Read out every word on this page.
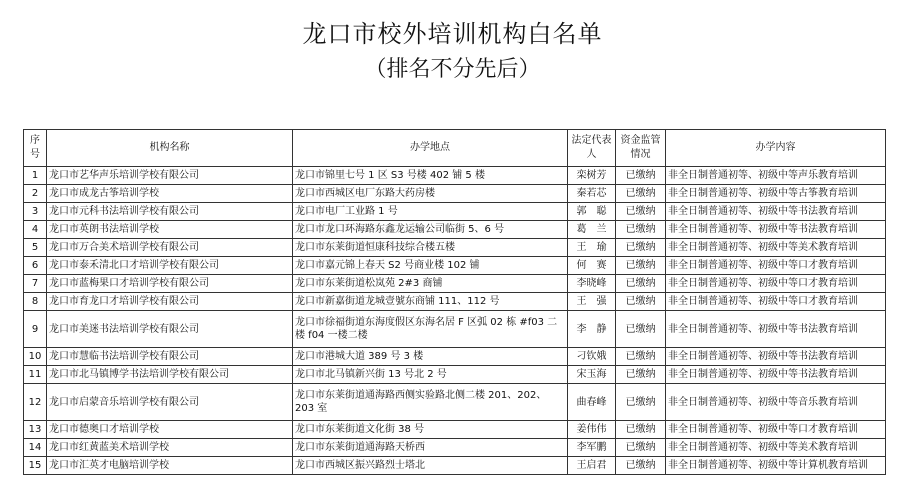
龙口市校外培训机构白名单
（排名不分先后）
序号	机构名称	办学地点	法定代表人	资金监管情况	办学内容
1	龙口市艺华声乐培训学校有限公司	龙口市锦里七号 1 区 S3 号楼 402 铺 5 楼	栾树芳	已缴纳	非全日制普通初等、初级中等声乐教育培训
2	龙口市成龙古筝培训学校	龙口市西城区电厂东路大药房楼	秦若芯	已缴纳	非全日制普通初等、初级中等古筝教育培训
3	龙口市元科书法培训学校有限公司	龙口市电厂工业路 1 号	郭　聪	已缴纳	非全日制普通初等、初级中等书法教育培训
4	龙口市英朗书法培训学校	龙口市龙口环海路东鑫龙运输公司临街 5、6 号	葛　兰	已缴纳	非全日制普通初等、初级中等书法教育培训
5	龙口市万合美术培训学校有限公司	龙口市东莱街道恒康科技综合楼五楼	王　瑜	已缴纳	非全日制普通初等、初级中等美术教育培训
6	龙口市泰禾清北口才培训学校有限公司	龙口市嘉元锦上春天 S2 号商业楼 102 铺	何　赛	已缴纳	非全日制普通初等、初级中等口才教育培训
7	龙口市蓝梅果口才培训学校有限公司	龙口市东莱街道松岚苑 2#3 商铺	李晓峰	已缴纳	非全日制普通初等、初级中等口才教育培训
8	龙口市育龙口才培训学校有限公司	龙口市新嘉街道龙城壹號东商铺 111、112 号	王　强	已缴纳	非全日制普通初等、初级中等口才教育培训
9	龙口市美迷书法培训学校有限公司	龙口市徐福街道东海度假区东海名居 F 区弧 02 栋 #f03 二楼 f04 一楼二楼	李　静	已缴纳	非全日制普通初等、初级中等书法教育培训
10	龙口市慧临书法培训学校有限公司	龙口市港城大道 389 号 3 楼	刁钦娥	已缴纳	非全日制普通初等、初级中等书法教育培训
11	龙口市北马镇博学书法培训学校有限公司	龙口市北马镇新兴街 13 号北 2 号	宋玉海	已缴纳	非全日制普通初等、初级中等书法教育培训
12	龙口市启蒙音乐培训学校有限公司	龙口市东莱街道通海路西侧实验路北侧二楼 201、202、203 室	曲春峰	已缴纳	非全日制普通初等、初级中等音乐教育培训
13	龙口市德奥口才培训学校	龙口市东莱街道文化街 38 号	姜伟伟	已缴纳	非全日制普通初等、初级中等口才教育培训
14	龙口市红黄蓝美术培训学校	龙口市东莱街道通海路天桥西	李军鹏	已缴纳	非全日制普通初等、初级中等美术教育培训
15	龙口市汇英才电脑培训学校	龙口市西城区振兴路烈士塔北	王启君	已缴纳	非全日制普通初等、初级中等计算机教育培训
